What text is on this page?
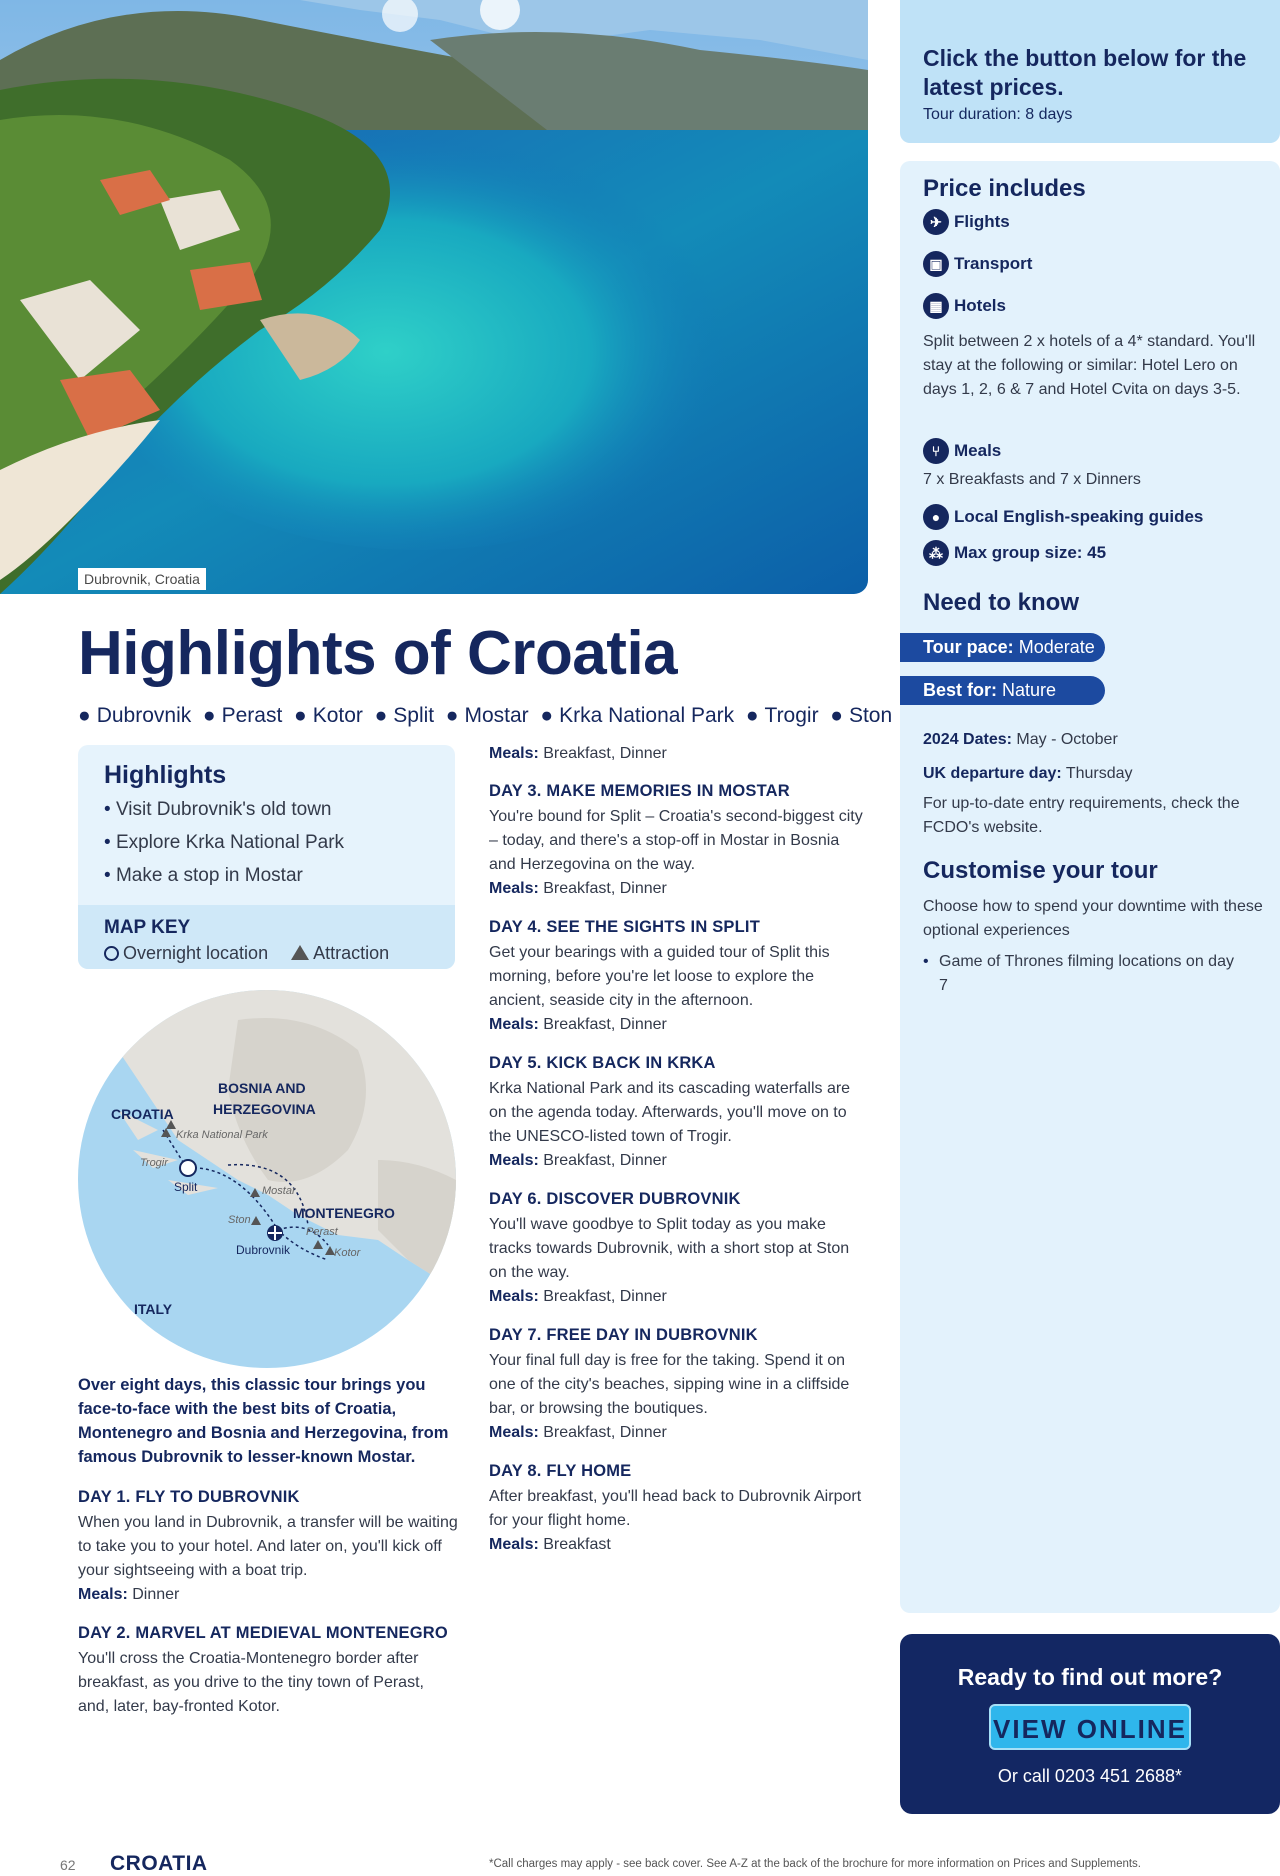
Dubrovnik, Croatia
Highlights of Croatia
● Dubrovnik  ● Perast  ● Kotor  ● Split  ● Mostar  ● Krka National Park  ● Trogir  ● Ston
Highlights
• Visit Dubrovnik's old town
• Explore Krka National Park
• Make a stop in Mostar
MAP KEY
Overnight location	Attraction
CROATIA
BOSNIA AND
HERZEGOVINA
MONTENEGRO
ITALY
Krka National Park
Trogir
Split	Mostar
Ston
Dubrovnik
Perast
Kotor

Over eight days, this classic tour brings you face-to-face with the best bits of Croatia, Montenegro and Bosnia and Herzegovina, from famous Dubrovnik to lesser-known Mostar.

DAY 1. FLY TO DUBROVNIK

When you land in Dubrovnik, a transfer will be waiting to take you to your hotel. And later on, you'll kick off your sightseeing with a boat trip.

Meals: Dinner

DAY 2. MARVEL AT MEDIEVAL MONTENEGRO

You'll cross the Croatia-Montenegro border after breakfast, as you drive to the tiny town of Perast, and, later, bay-fronted Kotor.

Meals: Breakfast, Dinner
DAY 3. MAKE MEMORIES IN MOSTAR

You're bound for Split – Croatia's second-biggest city – today, and there's a stop-off in Mostar in Bosnia and Herzegovina on the way.

Meals: Breakfast, Dinner

DAY 4. SEE THE SIGHTS IN SPLIT

Get your bearings with a guided tour of Split this morning, before you're let loose to explore the ancient, seaside city in the afternoon.

Meals: Breakfast, Dinner

DAY 5. KICK BACK IN KRKA

Krka National Park and its cascading waterfalls are on the agenda today. Afterwards, you'll move on to the UNESCO-listed town of Trogir.

Meals: Breakfast, Dinner

DAY 6. DISCOVER DUBROVNIK

You'll wave goodbye to Split today as you make tracks towards Dubrovnik, with a short stop at Ston on the way.

Meals: Breakfast, Dinner

DAY 7. FREE DAY IN DUBROVNIK

Your final full day is free for the taking. Spend it on one of the city's beaches, sipping wine in a cliffside bar, or browsing the boutiques.

Meals: Breakfast, Dinner

DAY 8. FLY HOME

After breakfast, you'll head back to Dubrovnik Airport for your flight home.

Meals: Breakfast

Click the button below for the latest prices.
Tour duration: 8 days
Price includes
✈ Flights
▣ Transport
▦ Hotels
Split between 2 x hotels of a 4* standard. You'll stay at the following or similar: Hotel Lero on days 1, 2, 6 & 7 and Hotel Cvita on days 3-5.
⑂ Meals
7 x Breakfasts and 7 x Dinners
● Local English-speaking guides
⁂ Max group size: 45
Need to know
Tour pace: Moderate
Best for: Nature
2024 Dates: May - October
UK departure day: Thursday
For up-to-date entry requirements, check the FCDO's website.
Customise your tour
Choose how to spend your downtime with these optional experiences
• Game of Thrones filming locations on day 7
Ready to find out more?
VIEW ONLINE
Or call 0203 451 2688*
62 CROATIA	*Call charges may apply - see back cover. See A-Z at the back of the brochure for more information on Prices and Supplements.
